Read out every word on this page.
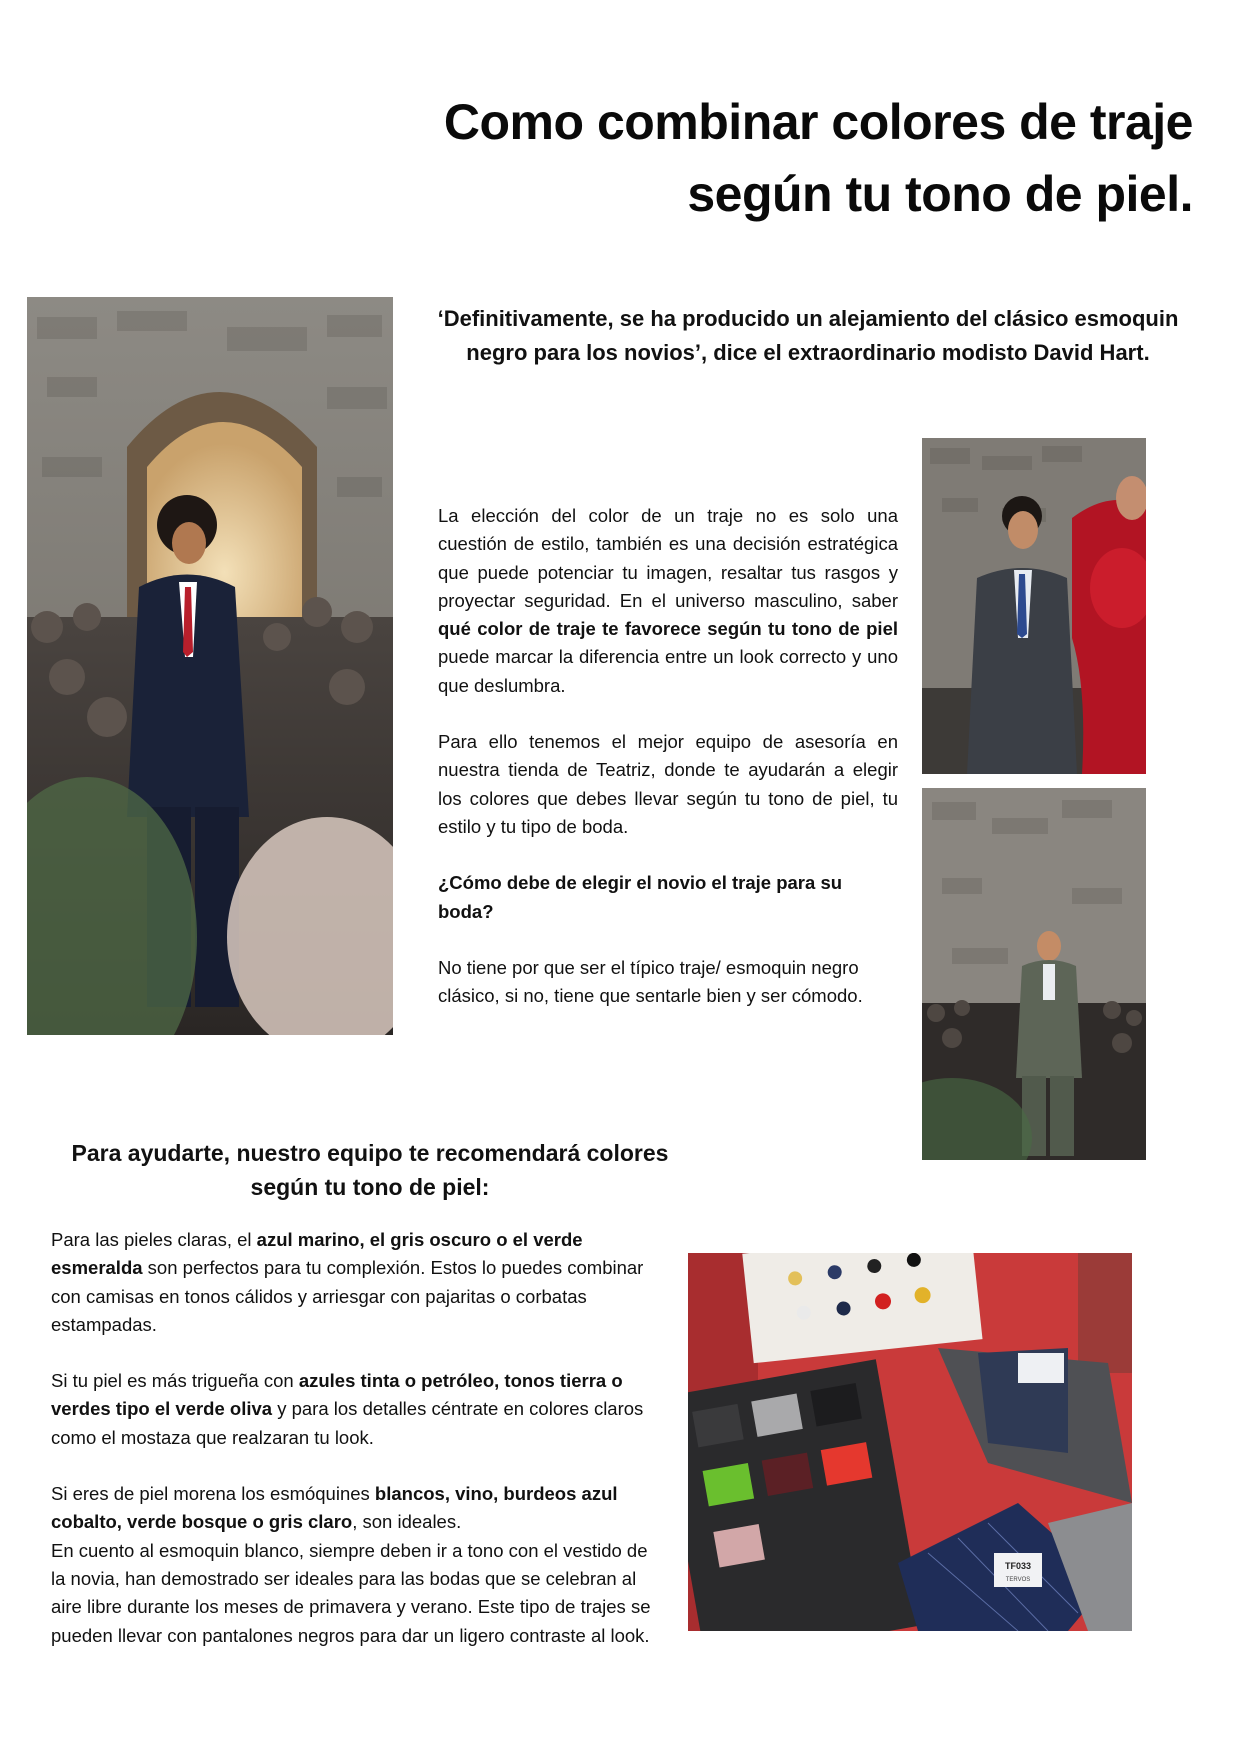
Como combinar colores de traje
según tu tono de piel.
‘Definitivamente, se ha producido un alejamiento del clásico esmoquin
negro para los novios’, dice el extraordinario modisto David Hart.

La elección del color de un traje no es solo una cuestión de estilo, también es una decisión estratégica que puede potenciar tu imagen, resaltar tus rasgos y proyectar seguridad. En el universo masculino, saber qué color de traje te favorece según tu tono de piel puede marcar la diferencia entre un look correcto y uno que deslumbra.

Para ello tenemos el mejor equipo de asesoría en nuestra tienda de Teatriz, donde te ayudarán a elegir los colores que debes llevar según tu tono de piel, tu estilo y tu tipo de boda.

¿Cómo debe de elegir el novio el traje para su boda?

No tiene por que ser el típico traje/ esmoquin negro clásico, si no, tiene que sentarle bien y ser cómodo.

Para ayudarte, nuestro equipo te recomendará colores
según tu tono de piel:

Para las pieles claras, el azul marino, el gris oscuro o el verde esmeralda son perfectos para tu complexión. Estos lo puedes combinar con camisas en tonos cálidos y arriesgar con pajaritas o corbatas estampadas.

Si tu piel es más trigueña con azules tinta o petróleo, tonos tierra o verdes tipo el verde oliva y para los detalles céntrate en colores claros como el mostaza que realzaran tu look.

Si eres de piel morena los esmóquines blancos, vino, burdeos azul cobalto, verde bosque o gris claro, son ideales.

En cuento al esmoquin blanco, siempre deben ir a tono con el vestido de la novia, han demostrado ser ideales para las bodas que se celebran al aire libre durante los meses de primavera y verano. Este tipo de trajes se pueden llevar con pantalones negros para dar un ligero contraste al look.

TF033
TERVOS
